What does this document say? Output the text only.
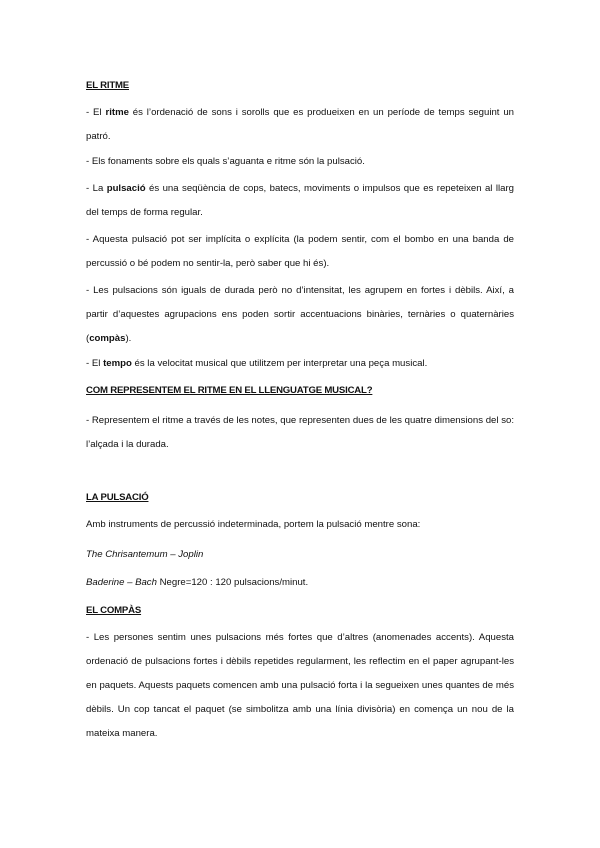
EL RITME
- El ritme és l’ordenació de sons i sorolls que es produeixen en un període de temps seguint un patró.
- Els fonaments sobre els quals s’aguanta e ritme són la pulsació.
- La pulsació és una seqüència de cops, batecs, moviments o impulsos que es repeteixen al llarg del temps de forma regular.
- Aquesta pulsació pot ser implícita o explícita (la podem sentir, com el bombo en una banda de percussió o bé podem no sentir-la, però saber que hi és).
- Les pulsacions són iguals de durada però no d’intensitat, les agrupem en fortes i dèbils. Així, a partir d’aquestes agrupacions ens poden sortir accentuacions binàries, ternàries o quaternàries (compàs).
- El tempo és la velocitat musical que utilitzem per interpretar una peça musical.
COM REPRESENTEM EL RITME EN EL LLENGUATGE MUSICAL?
- Representem el ritme a través de les notes, que representen dues de les quatre dimensions del so: l’alçada i la durada.
LA PULSACIÓ
Amb instruments de percussió indeterminada, portem la pulsació mentre sona:
The Chrisantemum – Joplin
Baderine – Bach Negre=120 : 120 pulsacions/minut.
EL COMPÀS
- Les persones sentim unes pulsacions més fortes que d’altres (anomenades accents). Aquesta ordenació de pulsacions fortes i dèbils repetides regularment, les reflectim en el paper agrupant-les en paquets. Aquests paquets comencen amb una pulsació forta i la segueixen unes quantes de més dèbils. Un cop tancat el paquet (se simbolitza amb una línia divisòria) en comença un nou de la mateixa manera.
